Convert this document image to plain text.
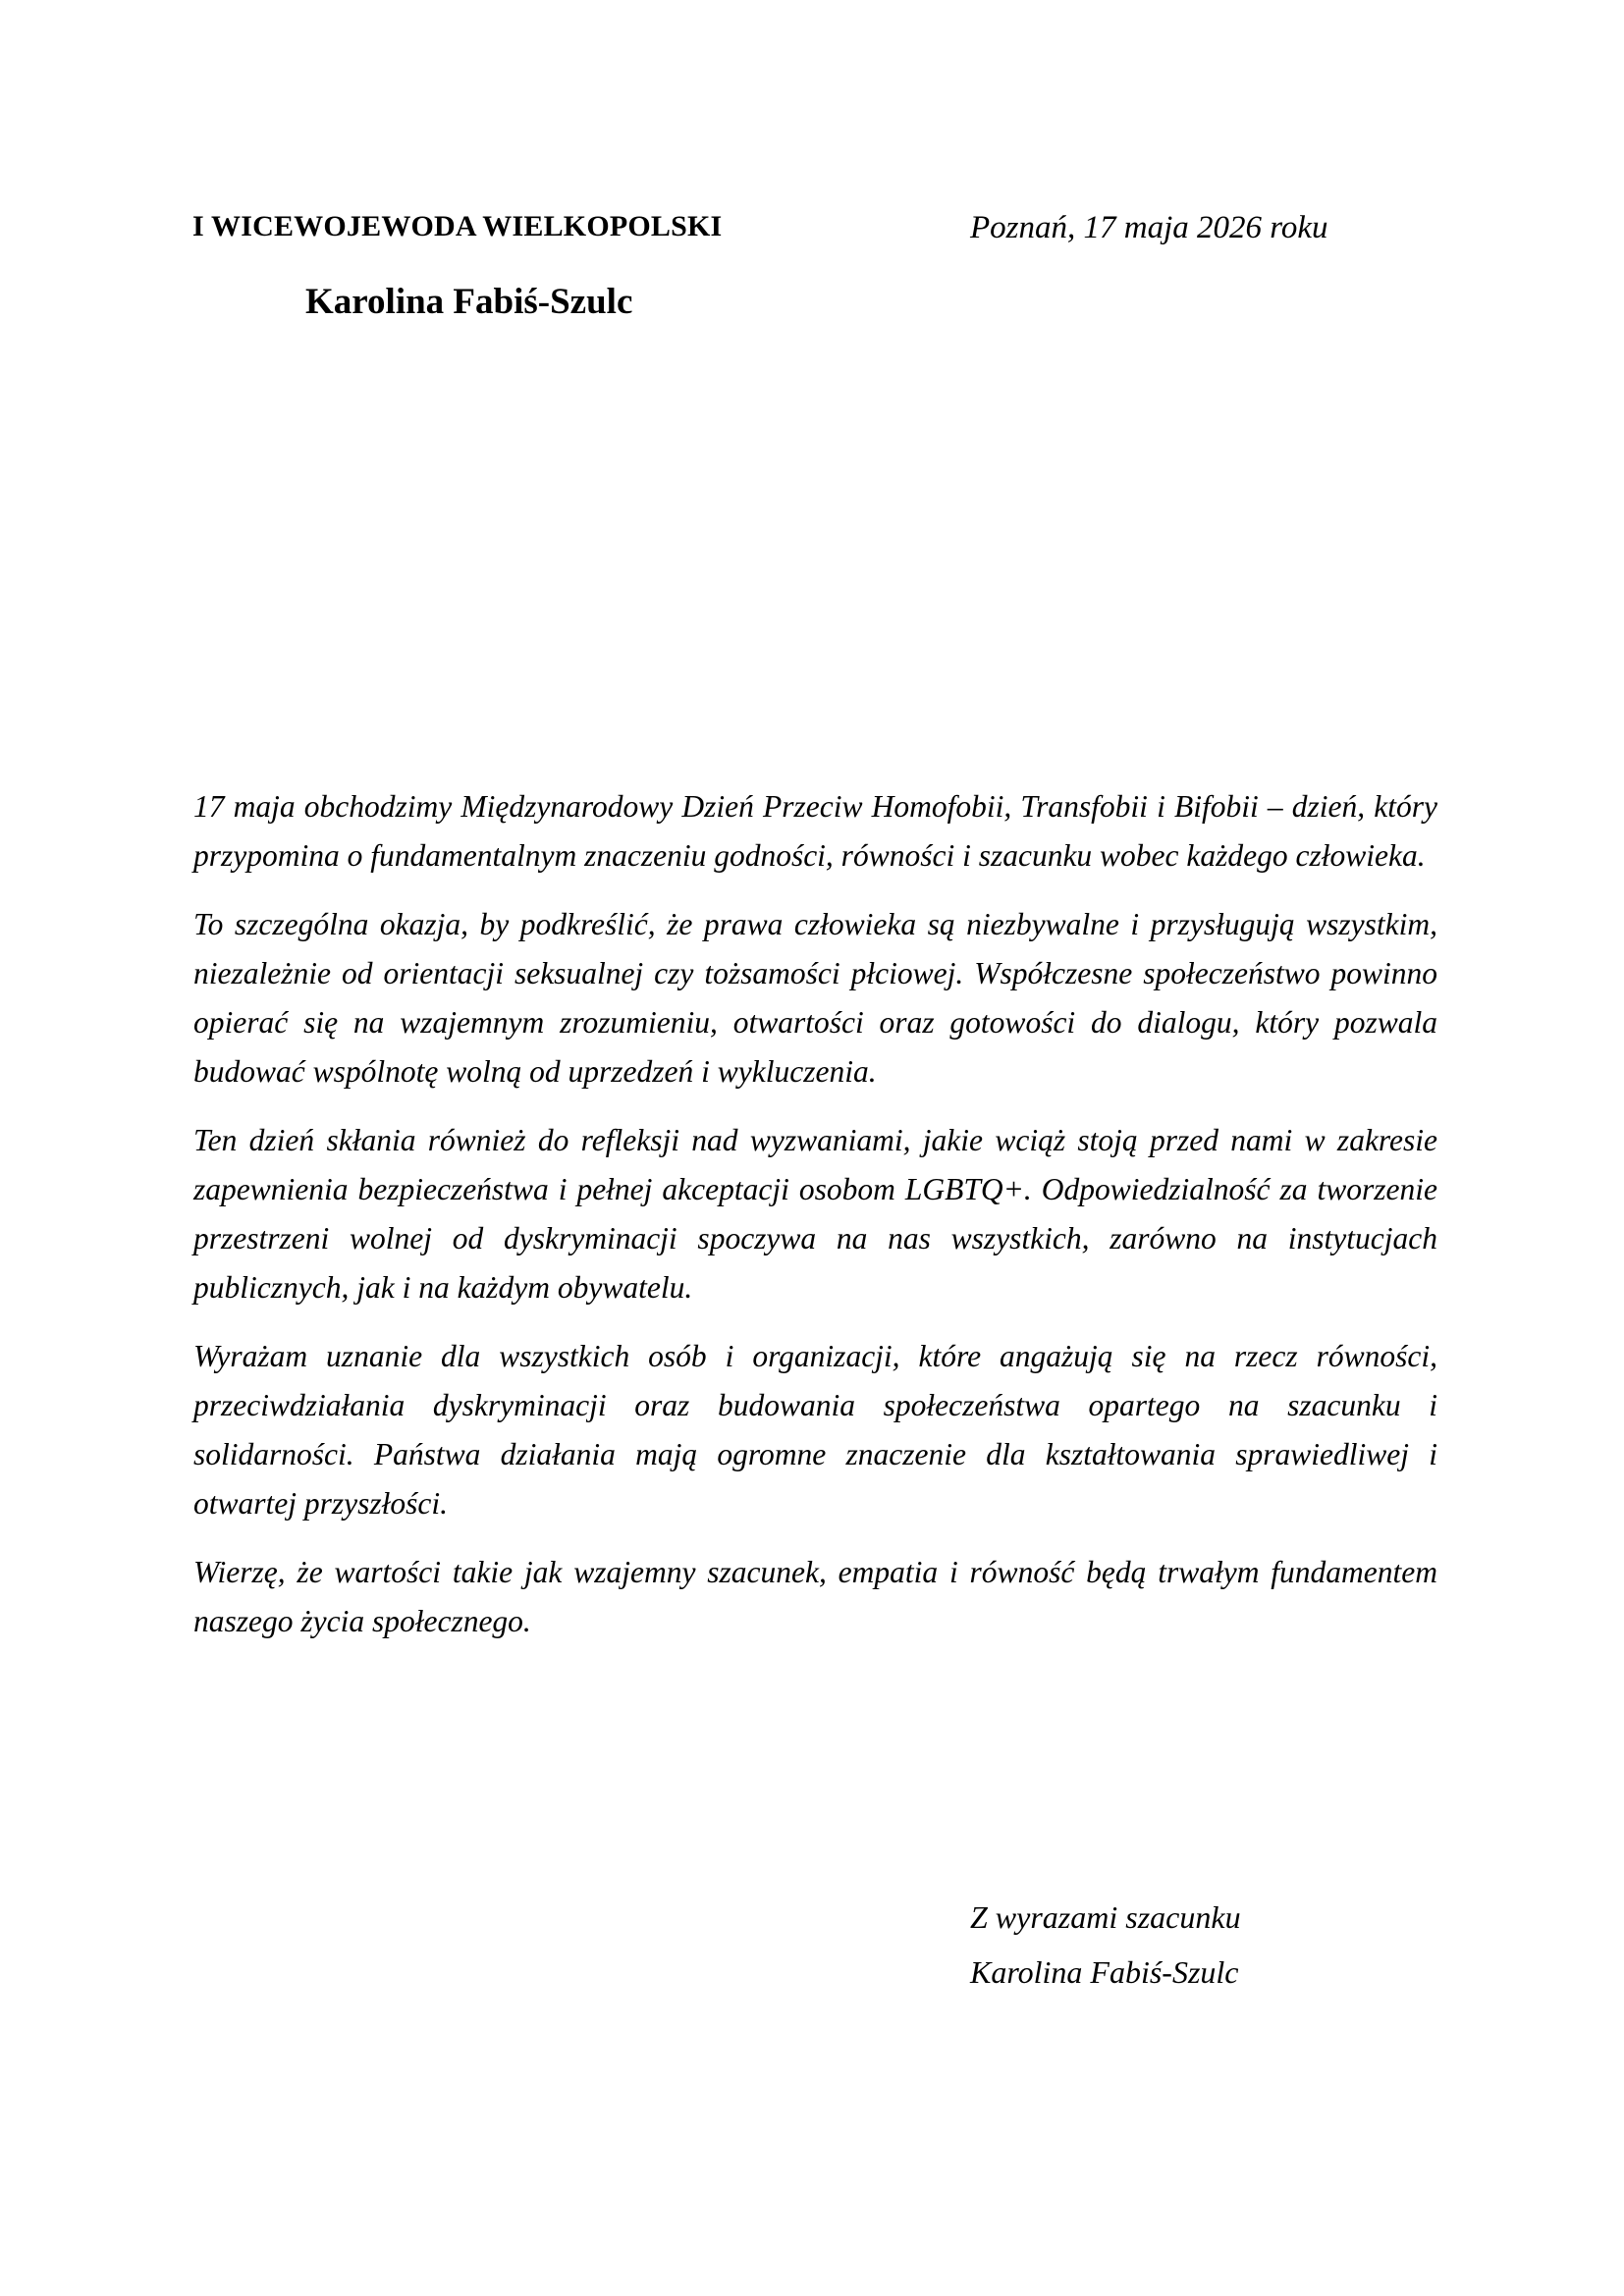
I WICEWOJEWODA WIELKOPOLSKI
Karolina Fabiś-Szulc
Poznań, 17 maja 2026 roku

17 maja obchodzimy Międzynarodowy Dzień Przeciw Homofobii, Transfobii i Bifobii – dzień, który przypomina o fundamentalnym znaczeniu godności, równości i szacunku wobec każdego człowieka.

To szczególna okazja, by podkreślić, że prawa człowieka są niezbywalne i przysługują wszystkim, niezależnie od orientacji seksualnej czy tożsamości płciowej. Współczesne społeczeństwo powinno opierać się na wzajemnym zrozumieniu, otwartości oraz gotowości do dialogu, który pozwala budować wspólnotę wolną od uprzedzeń i wykluczenia.

Ten dzień skłania również do refleksji nad wyzwaniami, jakie wciąż stoją przed nami w zakresie zapewnienia bezpieczeństwa i pełnej akceptacji osobom LGBTQ+. Odpowiedzialność za tworzenie przestrzeni wolnej od dyskryminacji spoczywa na nas wszystkich, zarówno na instytucjach publicznych, jak i na każdym obywatelu.

Wyrażam uznanie dla wszystkich osób i organizacji, które angażują się na rzecz równości, przeciwdziałania dyskryminacji oraz budowania społeczeństwa opartego na szacunku i solidarności. Państwa działania mają ogromne znaczenie dla kształtowania sprawiedliwej i otwartej przyszłości.

Wierzę, że wartości takie jak wzajemny szacunek, empatia i równość będą trwałym fundamentem naszego życia społecznego.

Z wyrazami szacunku
Karolina Fabiś-Szulc
